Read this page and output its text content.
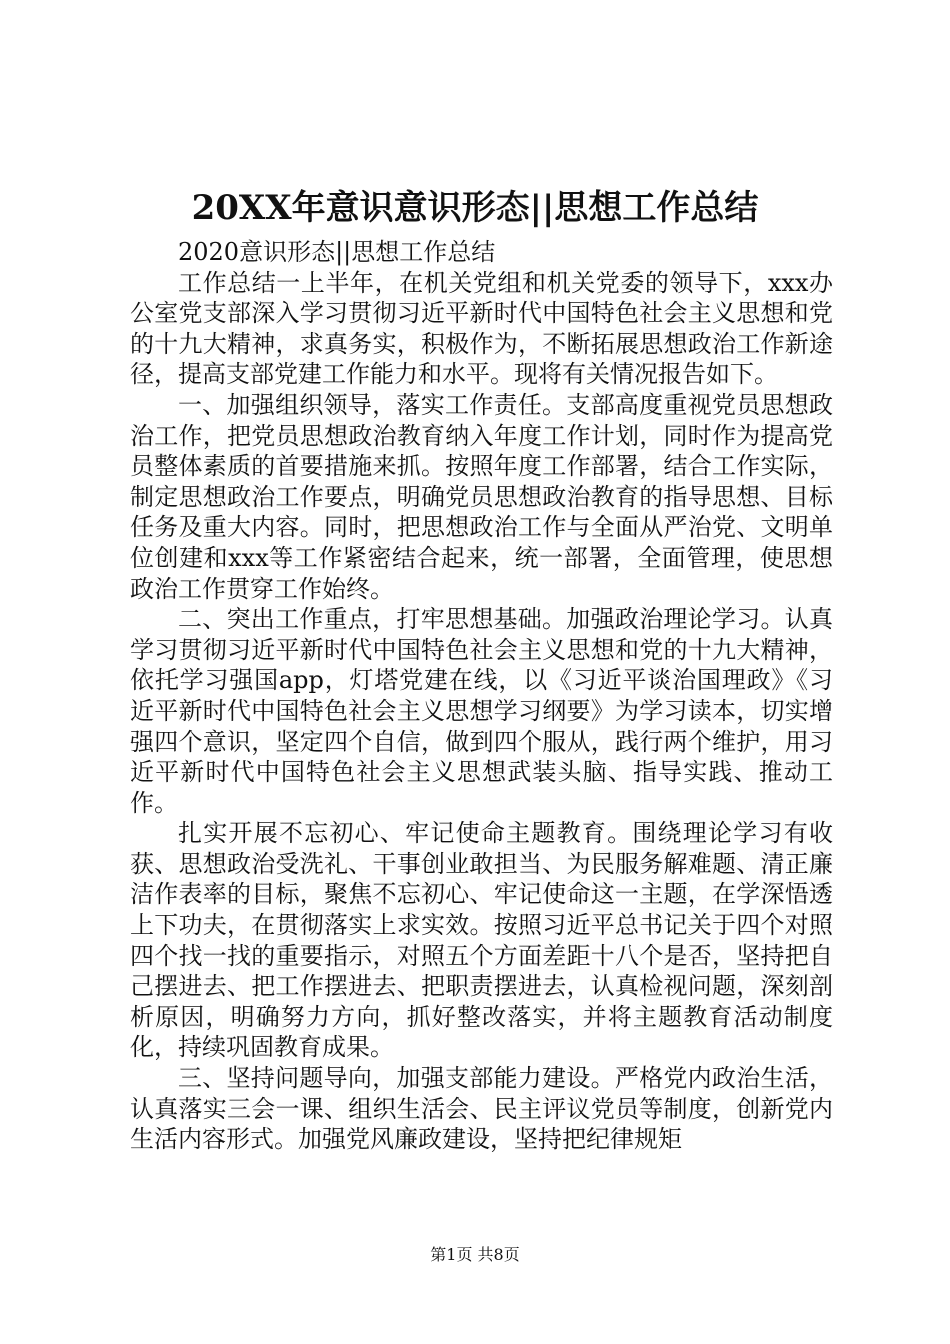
20XX年意识意识形态||思想工作总结

2020意识形态||思想工作总结

工作总结一上半年，在机关党组和机关党委的领导下，xxx办公室党支部深入学习贯彻习近平新时代中国特色社会主义思想和党的十九大精神，求真务实，积极作为，不断拓展思想政治工作新途径，提高支部党建工作能力和水平。现将有关情况报告如下。

一、加强组织领导，落实工作责任。支部高度重视党员思想政治工作，把党员思想政治教育纳入年度工作计划，同时作为提高党员整体素质的首要措施来抓。按照年度工作部署，结合工作实际，制定思想政治工作要点，明确党员思想政治教育的指导思想、目标任务及重大内容。同时，把思想政治工作与全面从严治党、文明单位创建和xxx等工作紧密结合起来，统一部署，全面管理，使思想政治工作贯穿工作始终。

二、突出工作重点，打牢思想基础。加强政治理论学习。认真学习贯彻习近平新时代中国特色社会主义思想和党的十九大精神，依托学习强国app，灯塔党建在线，以《习近平谈治国理政》《习近平新时代中国特色社会主义思想学习纲要》为学习读本，切实增强四个意识，坚定四个自信，做到四个服从，践行两个维护，用习近平新时代中国特色社会主义思想武装头脑、指导实践、推动工作。

扎实开展不忘初心、牢记使命主题教育。围绕理论学习有收获、思想政治受洗礼、干事创业敢担当、为民服务解难题、清正廉洁作表率的目标，聚焦不忘初心、牢记使命这一主题，在学深悟透上下功夫，在贯彻落实上求实效。按照习近平总书记关于四个对照四个找一找的重要指示，对照五个方面差距十八个是否，坚持把自己摆进去、把工作摆进去、把职责摆进去，认真检视问题，深刻剖析原因，明确努力方向，抓好整改落实，并将主题教育活动制度化，持续巩固教育成果。

三、坚持问题导向，加强支部能力建设。严格党内政治生活，认真落实三会一课、组织生活会、民主评议党员等制度，创新党内生活内容形式。加强党风廉政建设，坚持把纪律规矩

第1页 共8页
